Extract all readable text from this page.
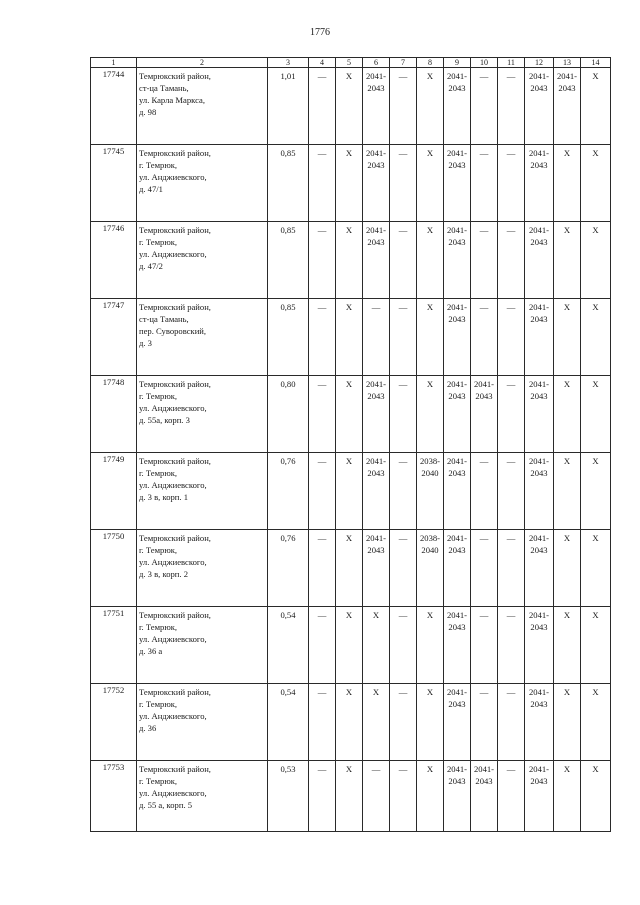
1776
1	2	3	4	5	6	7	8	9	10	11	12	13	14
17744	Темрюкский район,
ст-ца Тамань,
ул. Карла Маркса,
д. 98	1,01	—	X	2041-
2043	—	X	2041-
2043	—	—	2041-
2043	2041-
2043	X
17745	Темрюкский район,
г. Темрюк,
ул. Анджиевского,
д. 47/1	0,85	—	X	2041-
2043	—	X	2041-
2043	—	—	2041-
2043	X	X
17746	Темрюкский район,
г. Темрюк,
ул. Анджиевского,
д. 47/2	0,85	—	X	2041-
2043	—	X	2041-
2043	—	—	2041-
2043	X	X
17747	Темрюкский район,
ст-ца Тамань,
пер. Суворовский,
д. 3	0,85	—	X	—	—	X	2041-
2043	—	—	2041-
2043	X	X
17748	Темрюкский район,
г. Темрюк,
ул. Анджиевского,
д. 55а, корп. 3	0,80	—	X	2041-
2043	—	X	2041-
2043	2041-
2043	—	2041-
2043	X	X
17749	Темрюкский район,
г. Темрюк,
ул. Анджиевского,
д. 3 в, корп. 1	0,76	—	X	2041-
2043	—	2038-
2040	2041-
2043	—	—	2041-
2043	X	X
17750	Темрюкский район,
г. Темрюк,
ул. Анджиевского,
д. 3 в, корп. 2	0,76	—	X	2041-
2043	—	2038-
2040	2041-
2043	—	—	2041-
2043	X	X
17751	Темрюкский район,
г. Темрюк,
ул. Анджиевского,
д. 36 а	0,54	—	X	X	—	X	2041-
2043	—	—	2041-
2043	X	X
17752	Темрюкский район,
г. Темрюк,
ул. Анджиевского,
д. 36	0,54	—	X	X	—	X	2041-
2043	—	—	2041-
2043	X	X
17753	Темрюкский район,
г. Темрюк,
ул. Анджиевского,
д. 55 а, корп. 5	0,53	—	X	—	—	X	2041-
2043	2041-
2043	—	2041-
2043	X	X
